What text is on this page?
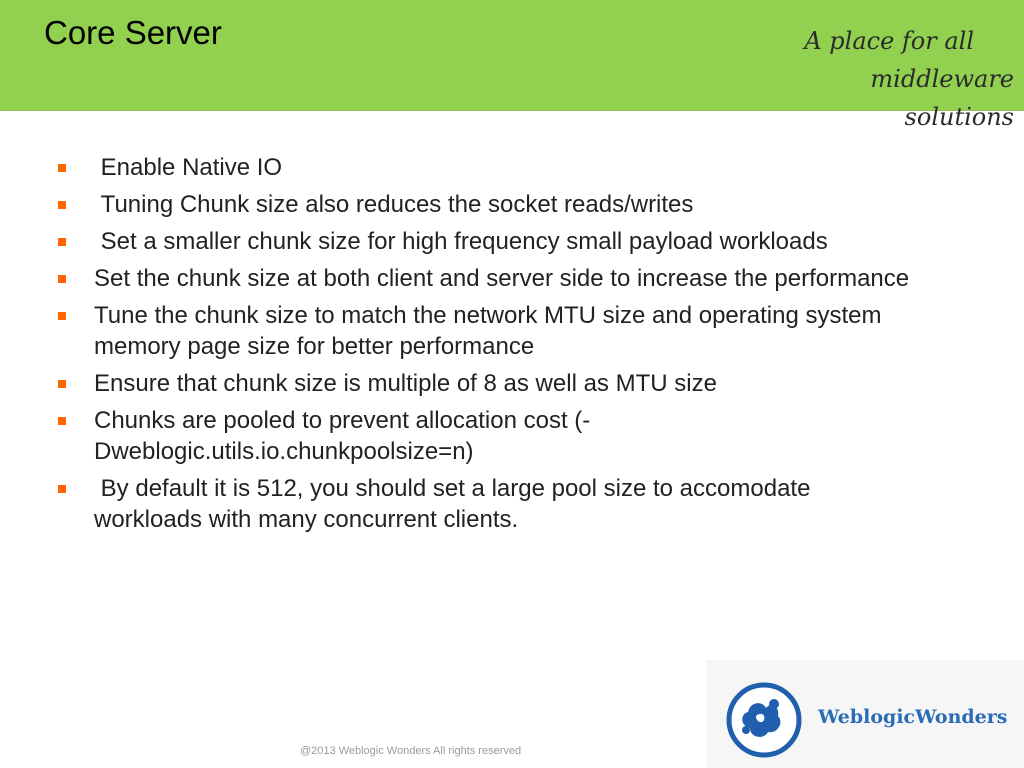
Core Server	A place for all
middleware solutions
Enable Native IO
Tuning Chunk size also reduces the socket reads/writes
Set a smaller chunk size for high frequency small payload workloads
Set the chunk size at both client and server side to increase the performance
Tune the chunk size to match the network MTU size and operating system memory page size for better performance
Ensure that chunk size is multiple of 8 as well as MTU size
Chunks are pooled to prevent allocation cost (-Dweblogic.utils.io.chunkpoolsize=n)
By default it is 512, you should set a large pool size to accomodate workloads with many concurrent clients.
@2013 Weblogic Wonders All rights reserved
WeblogicWonders
